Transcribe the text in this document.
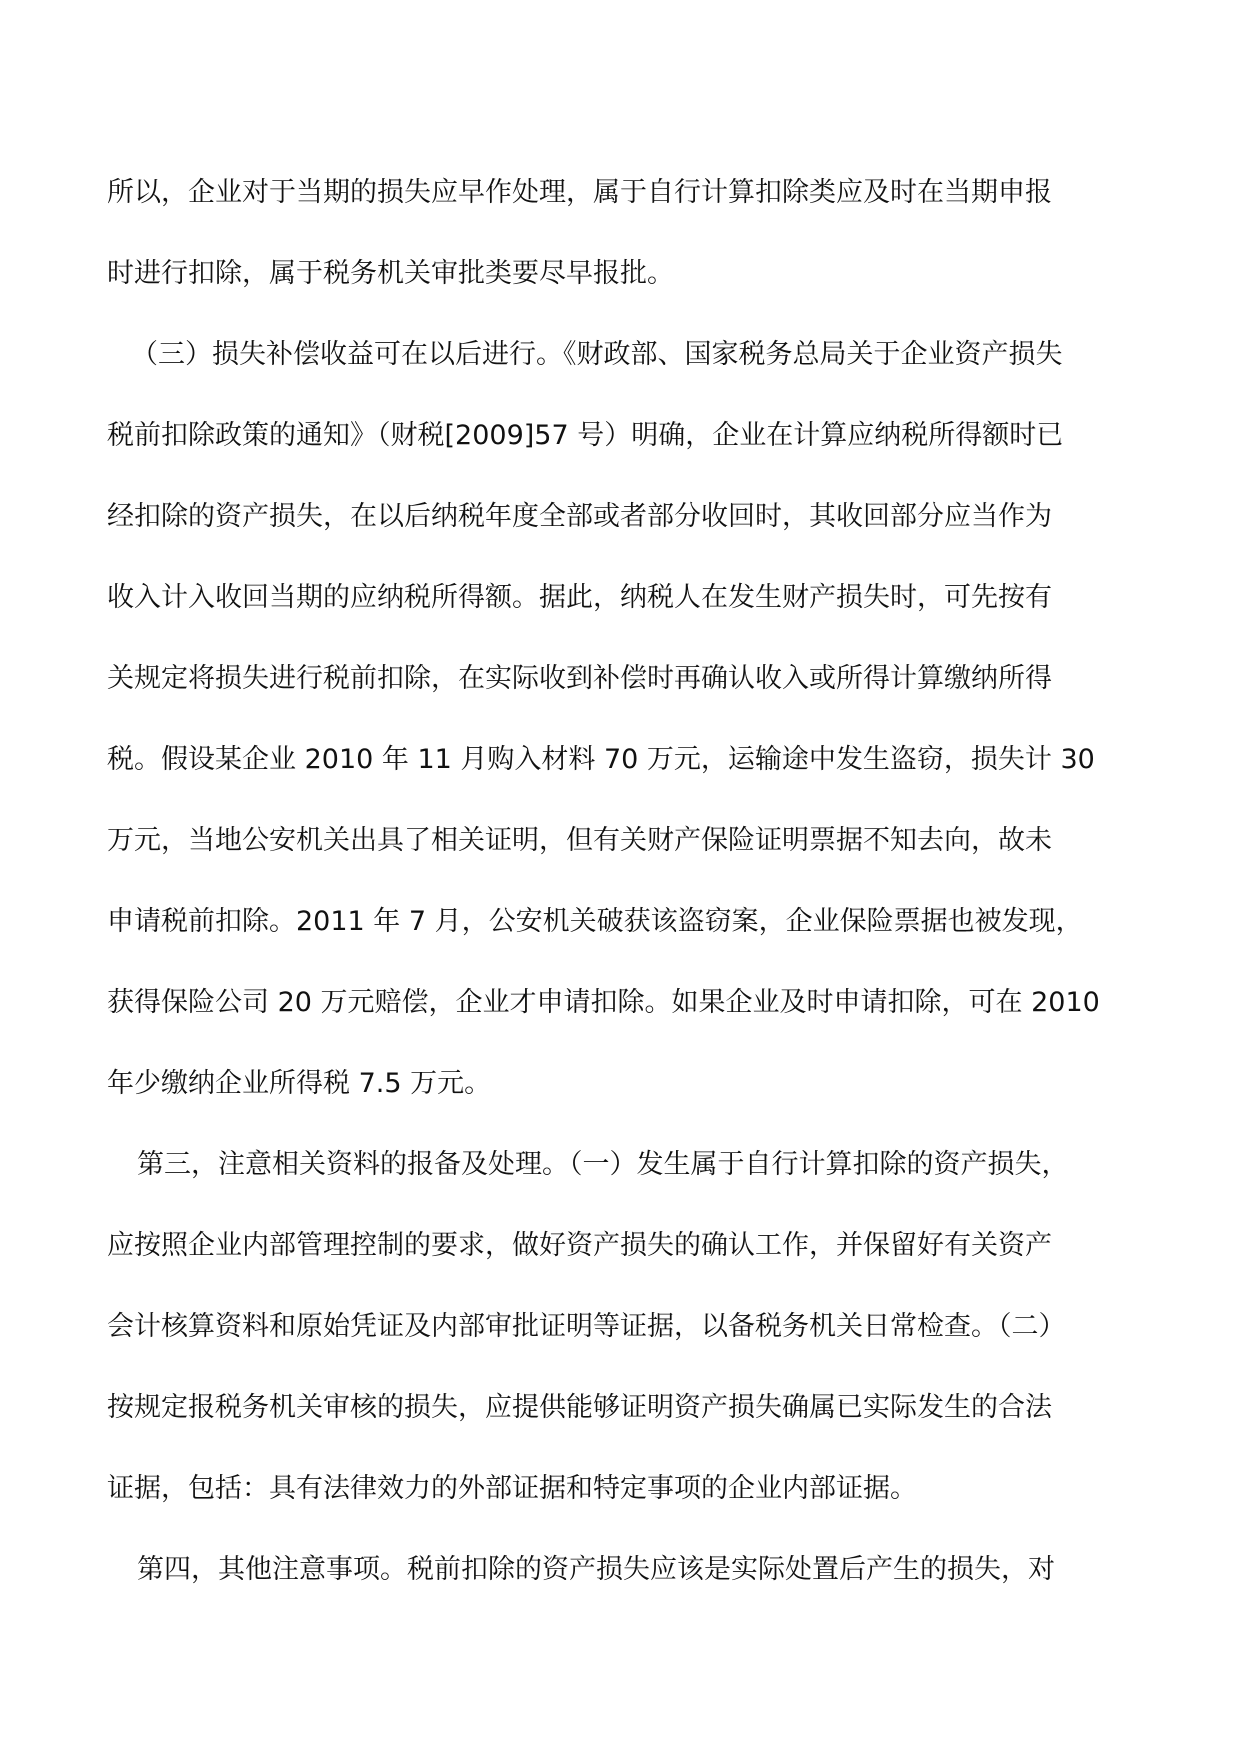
所以，企业对于当期的损失应早作处理，属于自行计算扣除类应及时在当期申报
时进行扣除，属于税务机关审批类要尽早报批。
（三）损失补偿收益可在以后进行。《财政部、国家税务总局关于企业资产损失
税前扣除政策的通知》（财税[2009]57 号）明确，企业在计算应纳税所得额时已
经扣除的资产损失，在以后纳税年度全部或者部分收回时，其收回部分应当作为
收入计入收回当期的应纳税所得额。据此，纳税人在发生财产损失时，可先按有
关规定将损失进行税前扣除，在实际收到补偿时再确认收入或所得计算缴纳所得
税。假设某企业 2010 年 11 月购入材料 70 万元，运输途中发生盗窃，损失计 30
万元，当地公安机关出具了相关证明，但有关财产保险证明票据不知去向，故未
申请税前扣除。2011 年 7 月，公安机关破获该盗窃案，企业保险票据也被发现，
获得保险公司 20 万元赔偿，企业才申请扣除。如果企业及时申请扣除，可在 2010
年少缴纳企业所得税 7.5 万元。
第三，注意相关资料的报备及处理。（一）发生属于自行计算扣除的资产损失，
应按照企业内部管理控制的要求，做好资产损失的确认工作，并保留好有关资产
会计核算资料和原始凭证及内部审批证明等证据，以备税务机关日常检查。（二）
按规定报税务机关审核的损失，应提供能够证明资产损失确属已实际发生的合法
证据，包括：具有法律效力的外部证据和特定事项的企业内部证据。
第四，其他注意事项。税前扣除的资产损失应该是实际处置后产生的损失，对
